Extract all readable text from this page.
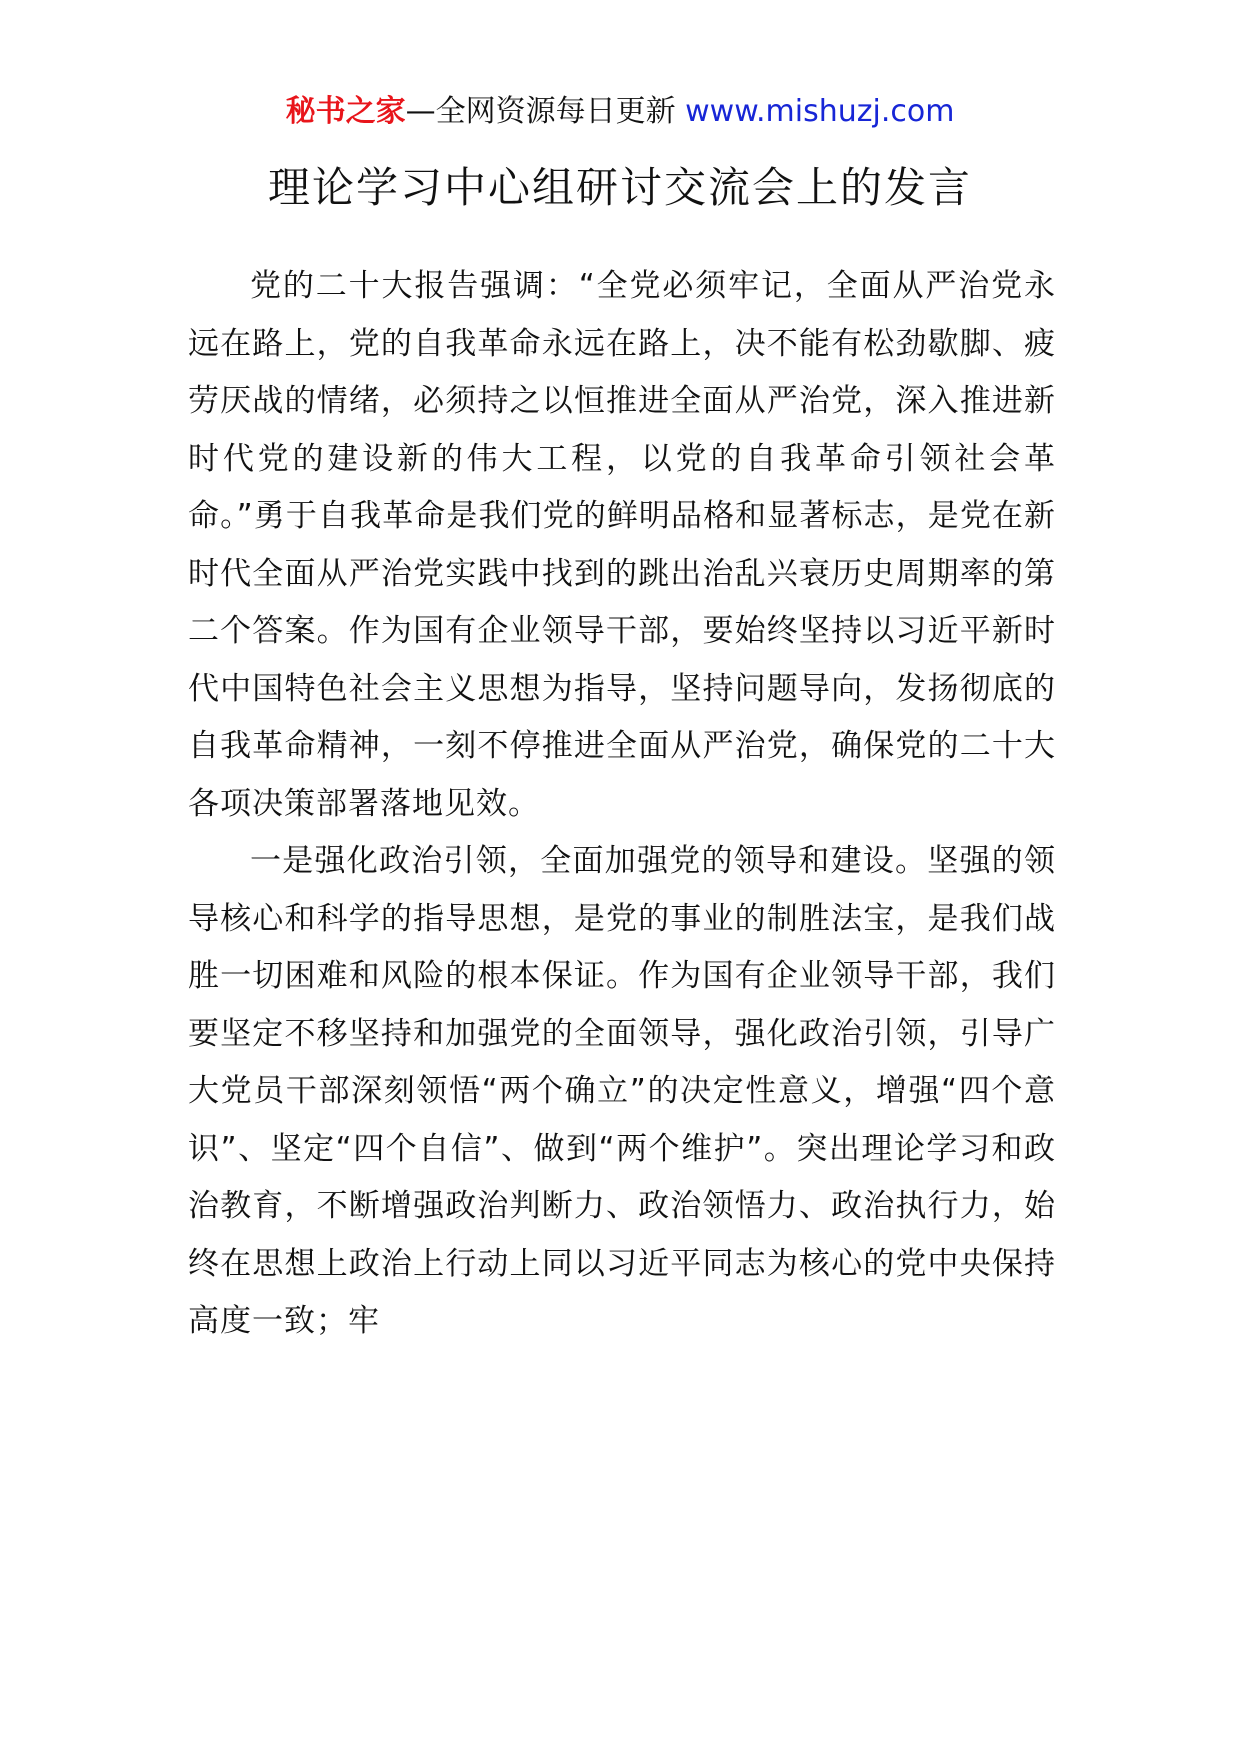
秘书之家—全网资源每日更新 www.mishuzj.com
理论学习中心组研讨交流会上的发言

党的二十大报告强调：“全党必须牢记，全面从严治党永远在路上，党的自我革命永远在路上，决不能有松劲歇脚、疲劳厌战的情绪，必须持之以恒推进全面从严治党，深入推进新时代党的建设新的伟大工程，以党的自我革命引领社会革命。”勇于自我革命是我们党的鲜明品格和显著标志，是党在新时代全面从严治党实践中找到的跳出治乱兴衰历史周期率的第二个答案。作为国有企业领导干部，要始终坚持以习近平新时代中国特色社会主义思想为指导，坚持问题导向，发扬彻底的自我革命精神，一刻不停推进全面从严治党，确保党的二十大各项决策部署落地见效。

一是强化政治引领，全面加强党的领导和建设。坚强的领导核心和科学的指导思想，是党的事业的制胜法宝，是我们战胜一切困难和风险的根本保证。作为国有企业领导干部，我们要坚定不移坚持和加强党的全面领导，强化政治引领，引导广大党员干部深刻领悟“两个确立”的决定性意义，增强“四个意识”、坚定“四个自信”、做到“两个维护”。突出理论学习和政治教育，不断增强政治判断力、政治领悟力、政治执行力，始终在思想上政治上行动上同以习近平同志为核心的党中央保持高度一致；牢
